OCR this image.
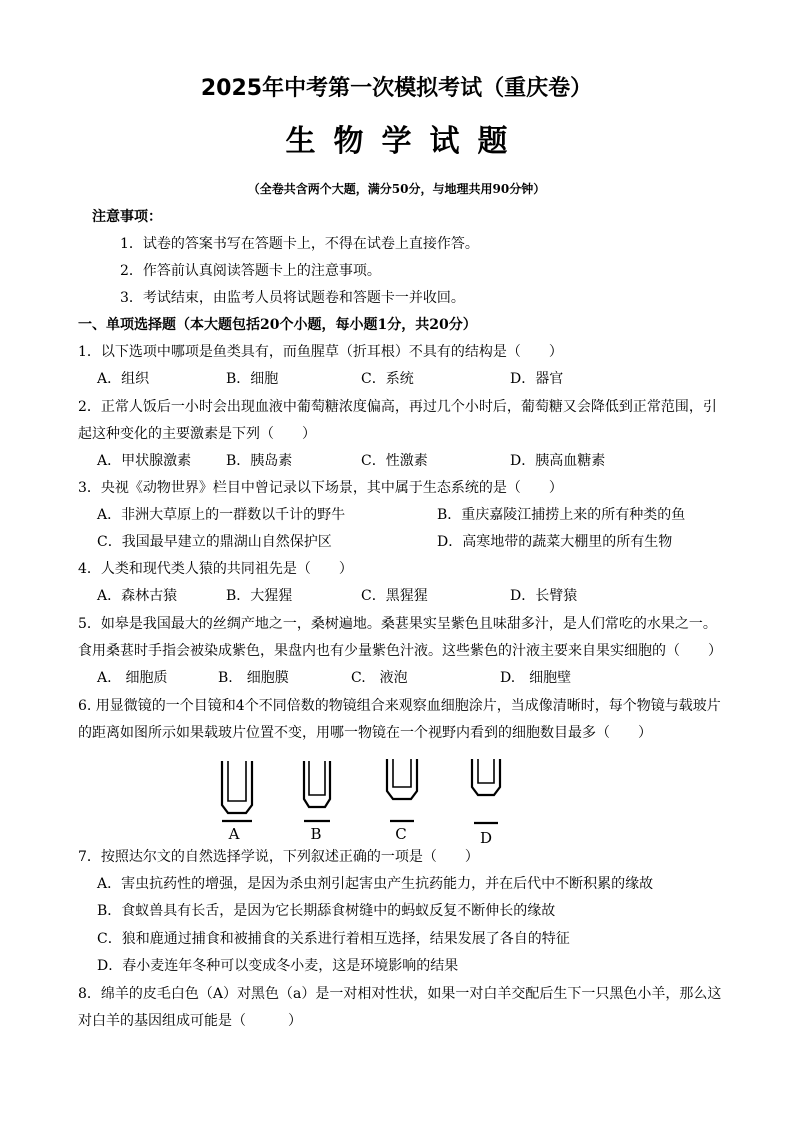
2025年中考第一次模拟考试（重庆卷）
生物学试题
（全卷共含两个大题，满分50分，与地理共用90分钟）
注意事项：
1．试卷的答案书写在答题卡上，不得在试卷上直接作答。
2．作答前认真阅读答题卡上的注意事项。
3．考试结束，由监考人员将试题卷和答题卡一并收回。
一、单项选择题（本大题包括20个小题，每小题1分，共20分）
1．以下选项中哪项是鱼类具有，而鱼腥草（折耳根）不具有的结构是（　　）
A．组织	B．细胞	C．系统	D．器官
2．正常人饭后一小时会出现血液中葡萄糖浓度偏高，再过几个小时后，葡萄糖又会降低到正常范围，引
起这种变化的主要激素是下列（　　）
A．甲状腺激素 B．胰岛素	C．性激素	D．胰高血糖素
3．央视《动物世界》栏目中曾记录以下场景，其中属于生态系统的是（　　）
A．非洲大草原上的一群数以千计的野牛	B．重庆嘉陵江捕捞上来的所有种类的鱼
C．我国最早建立的鼎湖山自然保护区	D．高寒地带的蔬菜大棚里的所有生物
4．人类和现代类人猿的共同祖先是（　　）
A．森林古猿	B．大猩猩	C．黑猩猩	D．长臂猿
5．如皋是我国最大的丝绸产地之一，桑树遍地。桑葚果实呈紫色且味甜多汁，是人们常吃的水果之一。
食用桑葚时手指会被染成紫色，果盘内也有少量紫色汁液。这些紫色的汁液主要来自果实细胞的（　　）
A.　细胞质	B.　细胞膜	C.　液泡	D.　细胞壁
6. 用显微镜的一个目镜和4个不同倍数的物镜组合来观察血细胞涂片，当成像清晰时，每个物镜与载玻片
的距离如图所示如果载玻片位置不变，用哪一物镜在一个视野内看到的细胞数目最多（　　）
A	B	C	D
7．按照达尔文的自然选择学说，下列叙述正确的一项是（　　）
A．害虫抗药性的增强，是因为杀虫剂引起害虫产生抗药能力，并在后代中不断积累的缘故
B．食蚁兽具有长舌，是因为它长期舔食树缝中的蚂蚁反复不断伸长的缘故
C．狼和鹿通过捕食和被捕食的关系进行着相互选择，结果发展了各自的特征
D．春小麦连年冬种可以变成冬小麦，这是环境影响的结果
8．绵羊的皮毛白色（A）对黑色（a）是一对相对性状，如果一对白羊交配后生下一只黑色小羊，那么这
对白羊的基因组成可能是（　　　）
